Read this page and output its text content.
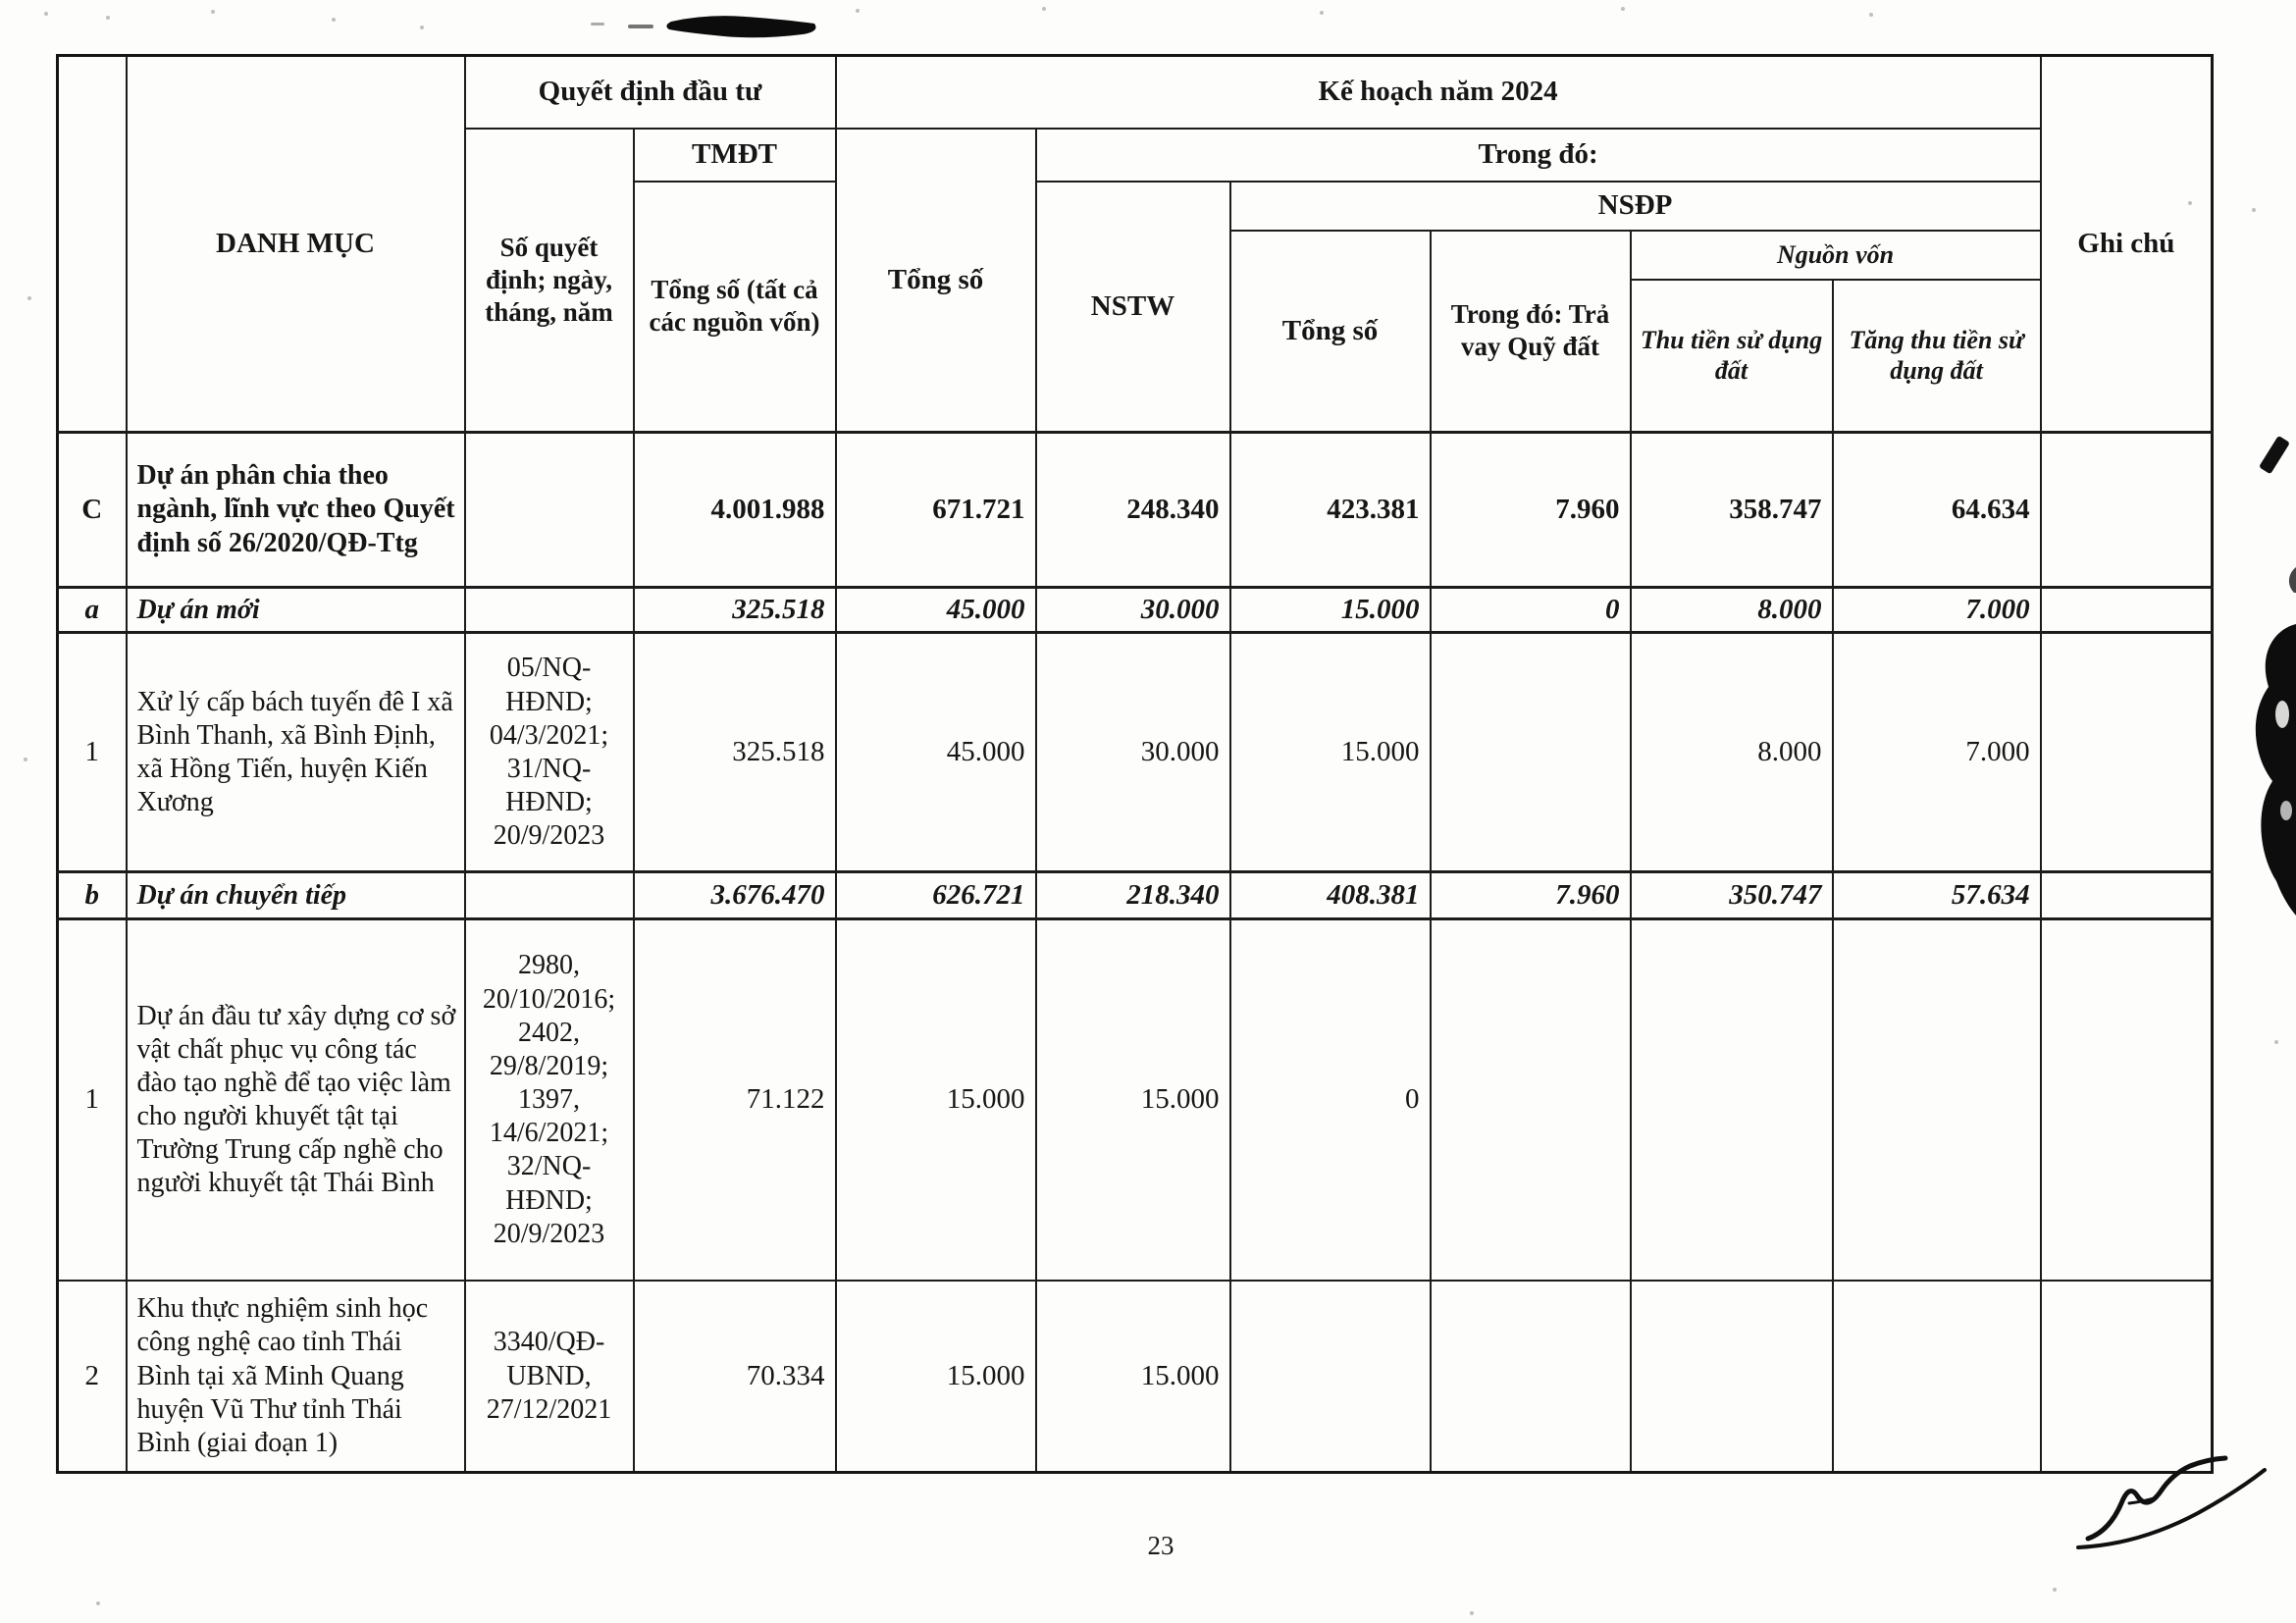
	DANH MỤC	Quyết định đầu tư		Kế hoạch năm 2024						Ghi chú
		Số quyết định; ngày, tháng, năm	TMĐT	Tổng số	Trong đó:					
			Tổng số (tất cả các nguồn vốn)		NSTW	NSĐP				
						Tổng số	Trong đó: Trả vay Quỹ đất	Nguồn vốn		
								Thu tiền sử dụng đất	Tăng thu tiền sử dụng đất	
C	Dự án phân chia theo ngành, lĩnh vực theo Quyết định số 26/2020/QĐ-Ttg		4.001.988	671.721	248.340	423.381	7.960	358.747	64.634	
a	Dự án mới		325.518	45.000	30.000	15.000	0	8.000	7.000	
1	Xử lý cấp bách tuyến đê I xã Bình Thanh, xã Bình Định, xã Hồng Tiến, huyện Kiến Xương	05/NQ-HĐND; 04/3/2021; 31/NQ-HĐND; 20/9/2023	325.518	45.000	30.000	15.000		8.000	7.000	
b	Dự án chuyển tiếp		3.676.470	626.721	218.340	408.381	7.960	350.747	57.634	
1	Dự án đầu tư xây dựng cơ sở vật chất phục vụ công tác đào tạo nghề để tạo việc làm cho người khuyết tật tại Trường Trung cấp nghề cho người khuyết tật Thái Bình	2980, 20/10/2016; 2402, 29/8/2019; 1397, 14/6/2021; 32/NQ-HĐND; 20/9/2023	71.122	15.000	15.000	0				
2	Khu thực nghiệm sinh học công nghệ cao tỉnh Thái Bình tại xã Minh Quang huyện Vũ Thư tỉnh Thái Bình (giai đoạn 1)	3340/QĐ-UBND, 27/12/2021	70.334	15.000	15.000					
23
